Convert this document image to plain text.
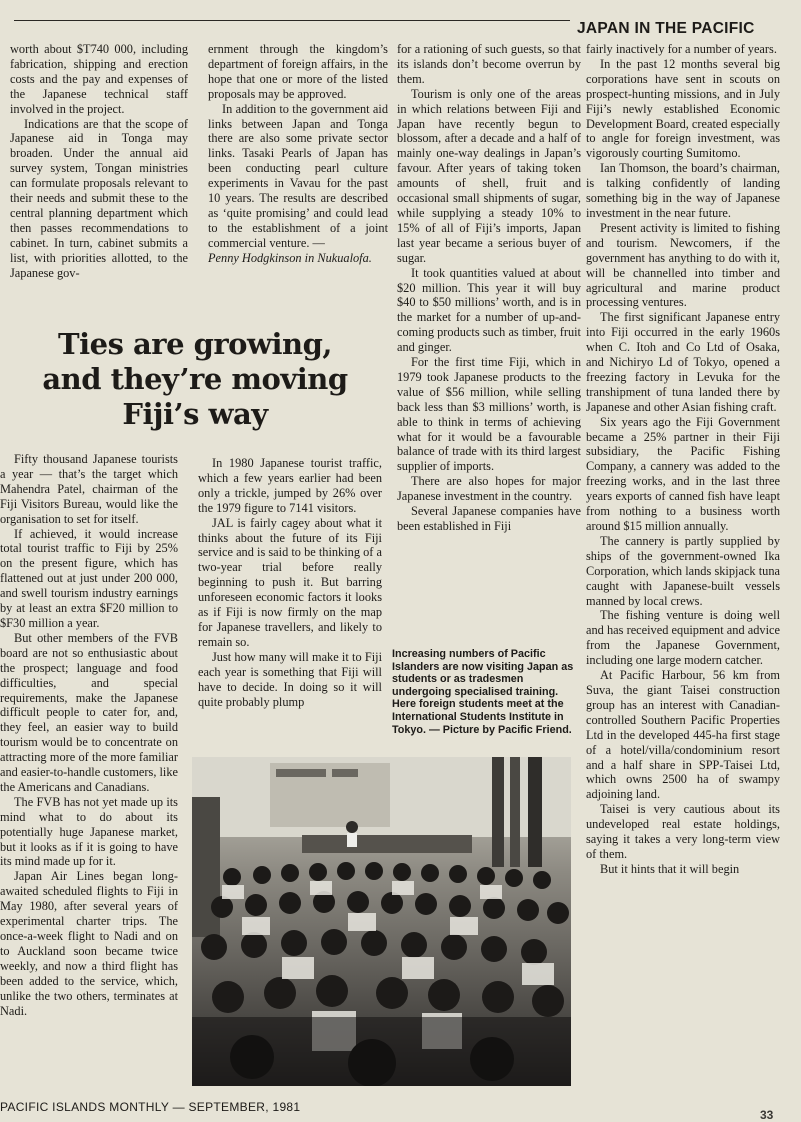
JAPAN IN THE PACIFIC
worth about $T740 000, including fabrication, shipping and erection costs and the pay and expenses of the Japanese technical staff involved in the project.
Indications are that the scope of Japanese aid in Tonga may broaden. Under the annual aid survey system, Tongan ministries can formulate proposals relevant to their needs and submit these to the central planning department which then passes recommendations to cabinet. In turn, cabinet submits a list, with priorities allotted, to the Japanese gov-
ernment through the kingdom’s department of foreign affairs, in the hope that one or more of the listed proposals may be approved.
In addition to the government aid links between Japan and Tonga there are also some private sector links. Tasaki Pearls of Japan has been conducting pearl culture experiments in Vavau for the past 10 years. The results are described as ‘quite promising’ and could lead to the establishment of a joint commercial venture. —
Penny Hodgkinson in Nukualofa.
Ties are growing,
and they’re moving
Fiji’s way
Fifty thousand Japanese tourists a year — that’s the target which Mahendra Patel, chairman of the Fiji Visitors Bureau, would like the organisation to set for itself.
If achieved, it would increase total tourist traffic to Fiji by 25% on the present figure, which has flattened out at just under 200 000, and swell tourism industry earnings by at least an extra $F20 million to $F30 million a year.
But other members of the FVB board are not so enthusiastic about the prospect; language and food difficulties, and special requirements, make the Japanese difficult people to cater for, and, they feel, an easier way to build tourism would be to concentrate on attracting more of the more familiar and easier-to-handle customers, like the Americans and Canadians.
The FVB has not yet made up its mind what to do about its potentially huge Japanese market, but it looks as if it is going to have its mind made up for it.
Japan Air Lines began long-awaited scheduled flights to Fiji in May 1980, after several years of experimental charter trips. The once-a-week flight to Nadi and on to Auckland soon became twice weekly, and now a third flight has been added to the service, which, unlike the two others, terminates at Nadi.
In 1980 Japanese tourist traffic, which a few years earlier had been only a trickle, jumped by 26% over the 1979 figure to 7141 visitors.
JAL is fairly cagey about what it thinks about the future of its Fiji service and is said to be thinking of a two-year trial before really beginning to push it. But barring unforeseen economic factors it looks as if Fiji is now firmly on the map for Japanese travellers, and likely to remain so.
Just how many will make it to Fiji each year is something that Fiji will have to decide. In doing so it will quite probably plump
for a rationing of such guests, so that its islands don’t become overrun by them.
Tourism is only one of the areas in which relations between Fiji and Japan have recently begun to blossom, after a decade and a half of mainly one-way dealings in Japan’s favour. After years of taking token amounts of shell, fruit and occasional small shipments of sugar, while supplying a steady 10% to 15% of all of Fiji’s imports, Japan last year became a serious buyer of sugar.
It took quantities valued at about $20 million. This year it will buy $40 to $50 millions’ worth, and is in the market for a number of up-and-coming products such as timber, fruit and ginger.
For the first time Fiji, which in 1979 took Japanese products to the value of $56 million, while selling back less than $3 millions’ worth, is able to think in terms of achieving what for it would be a favourable balance of trade with its third largest supplier of imports.
There are also hopes for major Japanese investment in the country.
Several Japanese companies have been established in Fiji
fairly inactively for a number of years.
In the past 12 months several big corporations have sent in scouts on prospect-hunting missions, and in July Fiji’s newly established Economic Development Board, created especially to angle for foreign investment, was vigorously courting Sumitomo.
Ian Thomson, the board’s chairman, is talking confidently of landing something big in the way of Japanese investment in the near future.
Present activity is limited to fishing and tourism. Newcomers, if the government has anything to do with it, will be channelled into timber and agricultural and marine product processing ventures.
The first significant Japanese entry into Fiji occurred in the early 1960s when C. Itoh and Co Ltd of Osaka, and Nichiryo Ld of Tokyo, opened a freezing factory in Levuka for the transhipment of tuna landed there by Japanese and other Asian fishing craft.
Six years ago the Fiji Government became a 25% partner in their Fiji subsidiary, the Pacific Fishing Company, a cannery was added to the freezing works, and in the last three years exports of canned fish have leapt from nothing to a business worth around $15 million annually.
The cannery is partly supplied by ships of the government-owned Ika Corporation, which lands skipjack tuna caught with Japanese-built vessels manned by local crews.
The fishing venture is doing well and has received equipment and advice from the Japanese Government, including one large modern catcher.
At Pacific Harbour, 56 km from Suva, the giant Taisei construction group has an interest with Canadian-controlled Southern Pacific Properties Ltd in the developed 445-ha first stage of a hotel/villa/condominium resort and a half share in SPP-Taisei Ltd, which owns 2500 ha of swampy adjoining land.
Taisei is very cautious about its undeveloped real estate holdings, saying it takes a very long-term view of them.
But it hints that it will begin
Increasing numbers of Pacific Islanders are now visiting Japan as students or as tradesmen undergoing specialised training. Here foreign students meet at the International Students Institute in Tokyo. — Picture by Pacific Friend.
PACIFIC ISLANDS MONTHLY — SEPTEMBER, 1981
33
